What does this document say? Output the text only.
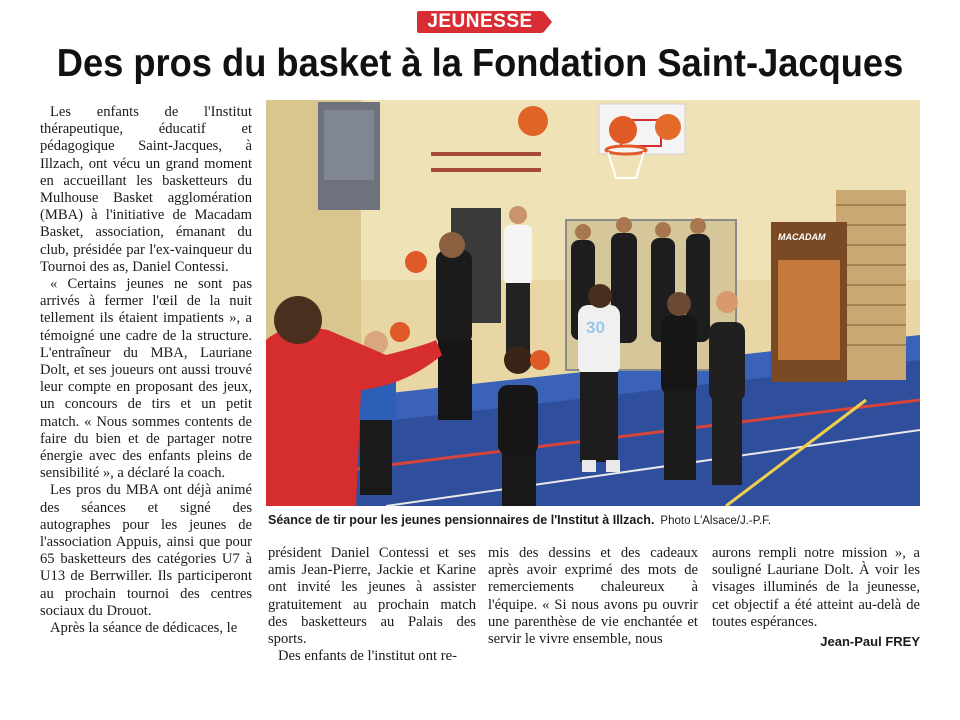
JEUNESSE
Des pros du basket à la Fondation Saint-Jacques

Les enfants de l'Institut thérapeutique, éducatif et pédagogique Saint-Jacques, à Illzach, ont vécu un grand moment en accueillant les basketteurs du Mulhouse Basket agglomération (MBA) à l'initiative de Macadam Basket, association, émanant du club, présidée par l'ex-vainqueur du Tournoi des as, Daniel Contessi.

« Certains jeunes ne sont pas arrivés à fermer l'œil de la nuit tellement ils étaient impatients », a témoigné une cadre de la structure. L'entraîneur du MBA, Lauriane Dolt, et ses joueurs ont aussi trouvé leur compte en proposant des jeux, un concours de tirs et un petit match. « Nous sommes contents de faire du bien et de partager notre énergie avec des enfants pleins de sensibilité », a déclaré la coach.

Les pros du MBA ont déjà animé des séances et signé des autographes pour les jeunes de l'association Appuis, ainsi que pour 65 basketteurs des catégories U7 à U13 de Berrwiller. Ils participeront au prochain tournoi des centres sociaux du Drouot.

Après la séance de dédicaces, le

MACADAM
30
Séance de tir pour les jeunes pensionnaires de l'Institut à Illzach. Photo L'Alsace/J.-P.F.

président Daniel Contessi et ses amis Jean-Pierre, Jackie et Karine ont invité les jeunes à assister gratuitement au prochain match des basketteurs au Palais des sports.

Des enfants de l'institut ont re-

mis des dessins et des cadeaux après avoir exprimé des mots de remerciements chaleureux à l'équipe. « Si nous avons pu ouvrir une parenthèse de vie enchantée et servir le vivre ensemble, nous

aurons rempli notre mission », a souligné Lauriane Dolt. À voir les visages illuminés de la jeunesse, cet objectif a été atteint au-delà de toutes espérances.

Jean-Paul FREY
